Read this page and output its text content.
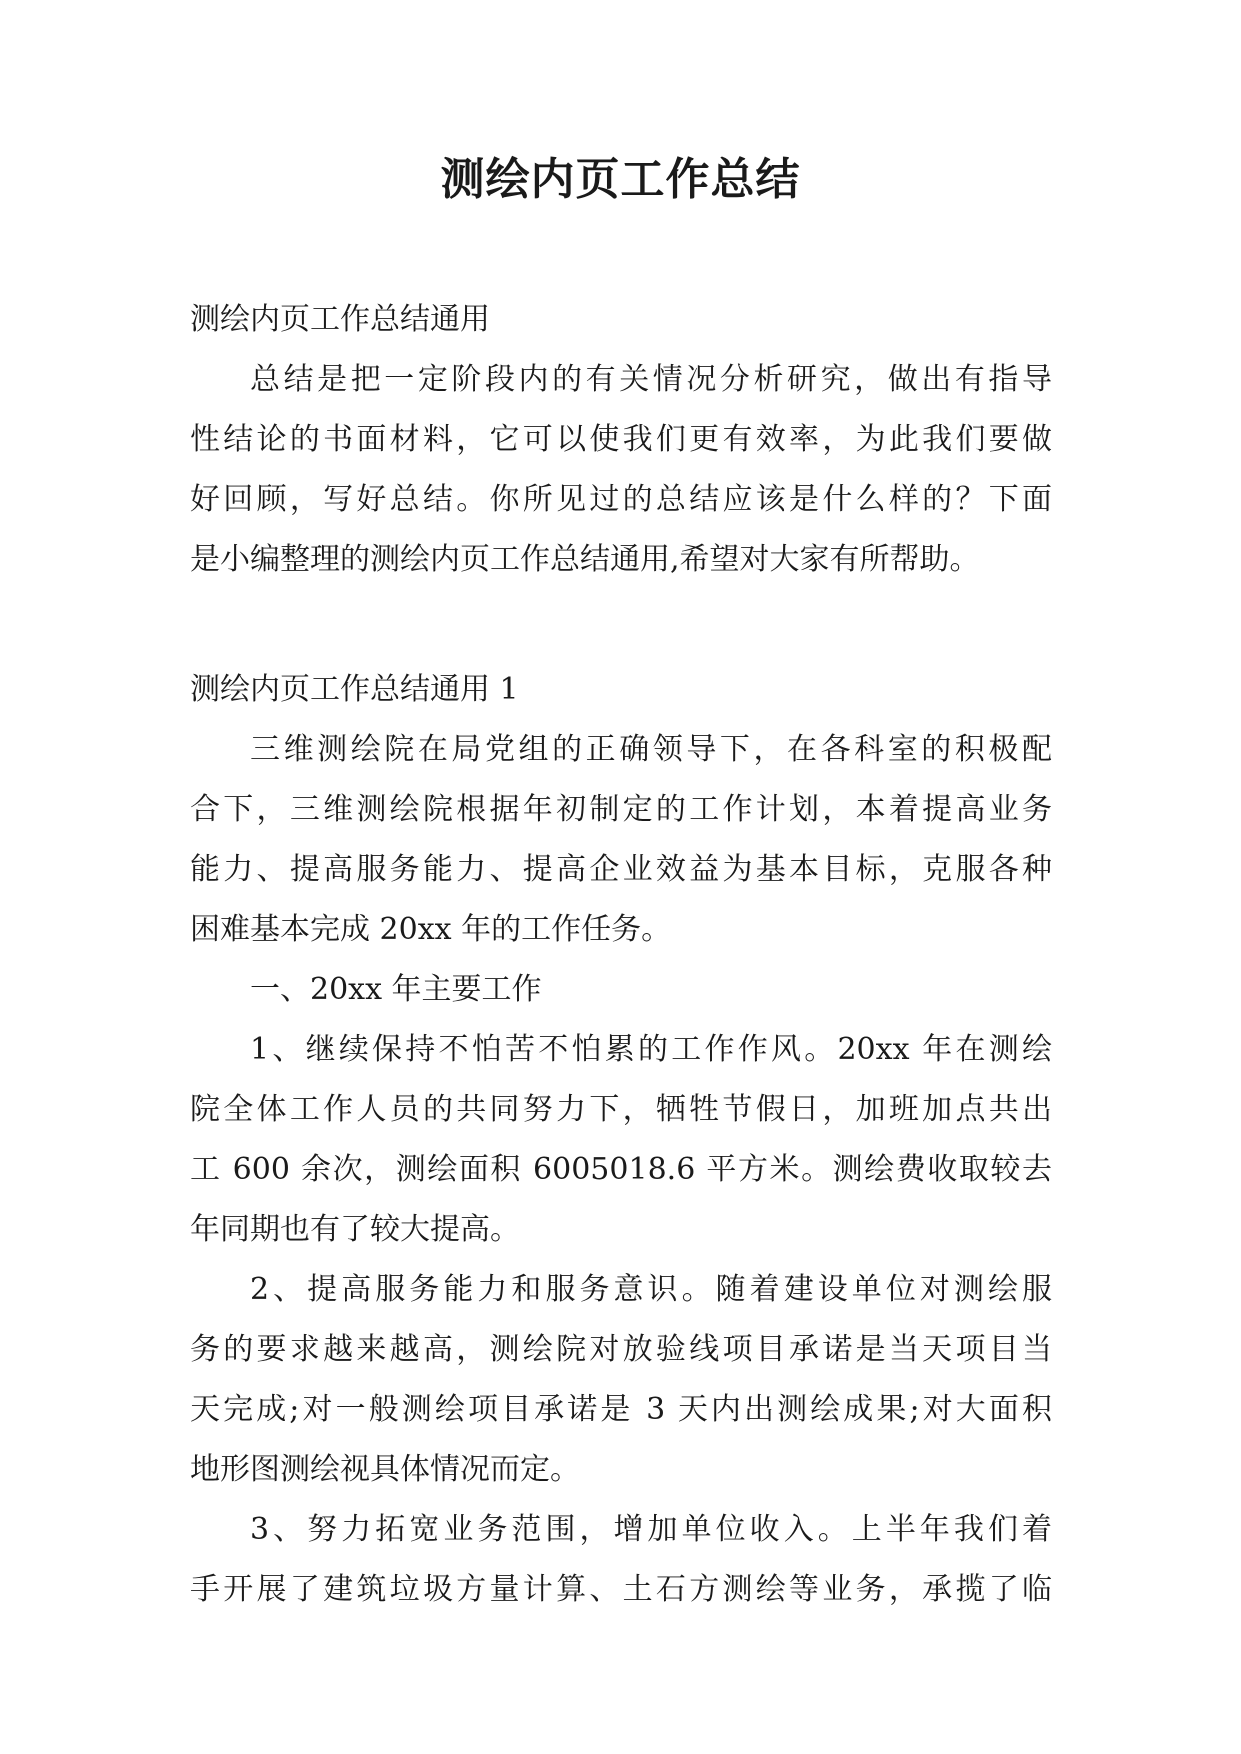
测绘内页工作总结

测绘内页工作总结通用

总结是把一定阶段内的有关情况分析研究，做出有指导

性结论的书面材料，它可以使我们更有效率，为此我们要做

好回顾，写好总结。你所见过的总结应该是什么样的？下面

是小编整理的测绘内页工作总结通用,希望对大家有所帮助。

测绘内页工作总结通用 1

三维测绘院在局党组的正确领导下，在各科室的积极配

合下，三维测绘院根据年初制定的工作计划，本着提高业务

能力、提高服务能力、提高企业效益为基本目标，克服各种

困难基本完成 20xx 年的工作任务。

一、20xx 年主要工作

1、继续保持不怕苦不怕累的工作作风。20xx 年在测绘

院全体工作人员的共同努力下，牺牲节假日，加班加点共出

工 600 余次，测绘面积 6005018.6 平方米。测绘费收取较去

年同期也有了较大提高。

2、提高服务能力和服务意识。随着建设单位对测绘服

务的要求越来越高，测绘院对放验线项目承诺是当天项目当

天完成;对一般测绘项目承诺是 3 天内出测绘成果;对大面积

地形图测绘视具体情况而定。

3、努力拓宽业务范围，增加单位收入。上半年我们着

手开展了建筑垃圾方量计算、土石方测绘等业务，承揽了临
